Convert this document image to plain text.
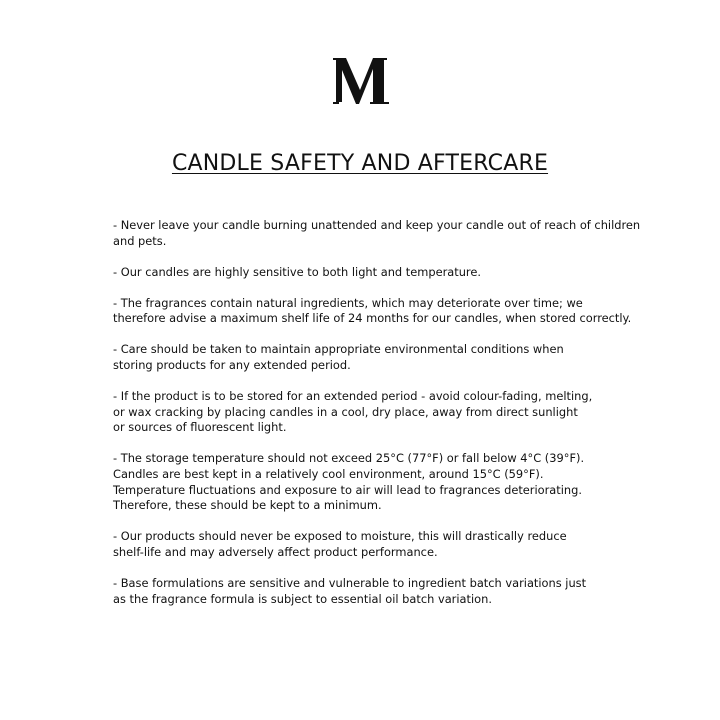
CANDLE SAFETY AND AFTERCARE

- Never leave your candle burning unattended and keep your candle out of reach of children
and pets.

- Our candles are highly sensitive to both light and temperature.

- The fragrances contain natural ingredients, which may deteriorate over time; we
therefore advise a maximum shelf life of 24 months for our candles, when stored correctly.

- Care should be taken to maintain appropriate environmental conditions when
storing products for any extended period.

- If the product is to be stored for an extended period - avoid colour-fading, melting,
or wax cracking by placing candles in a cool, dry place, away from direct sunlight
or sources of fluorescent light.

- The storage temperature should not exceed 25°C (77°F) or fall below 4°C (39°F).
Candles are best kept in a relatively cool environment, around 15°C (59°F).
Temperature fluctuations and exposure to air will lead to fragrances deteriorating.
Therefore, these should be kept to a minimum.

- Our products should never be exposed to moisture, this will drastically reduce
shelf-life and may adversely affect product performance.

- Base formulations are sensitive and vulnerable to ingredient batch variations just
as the fragrance formula is subject to essential oil batch variation.
